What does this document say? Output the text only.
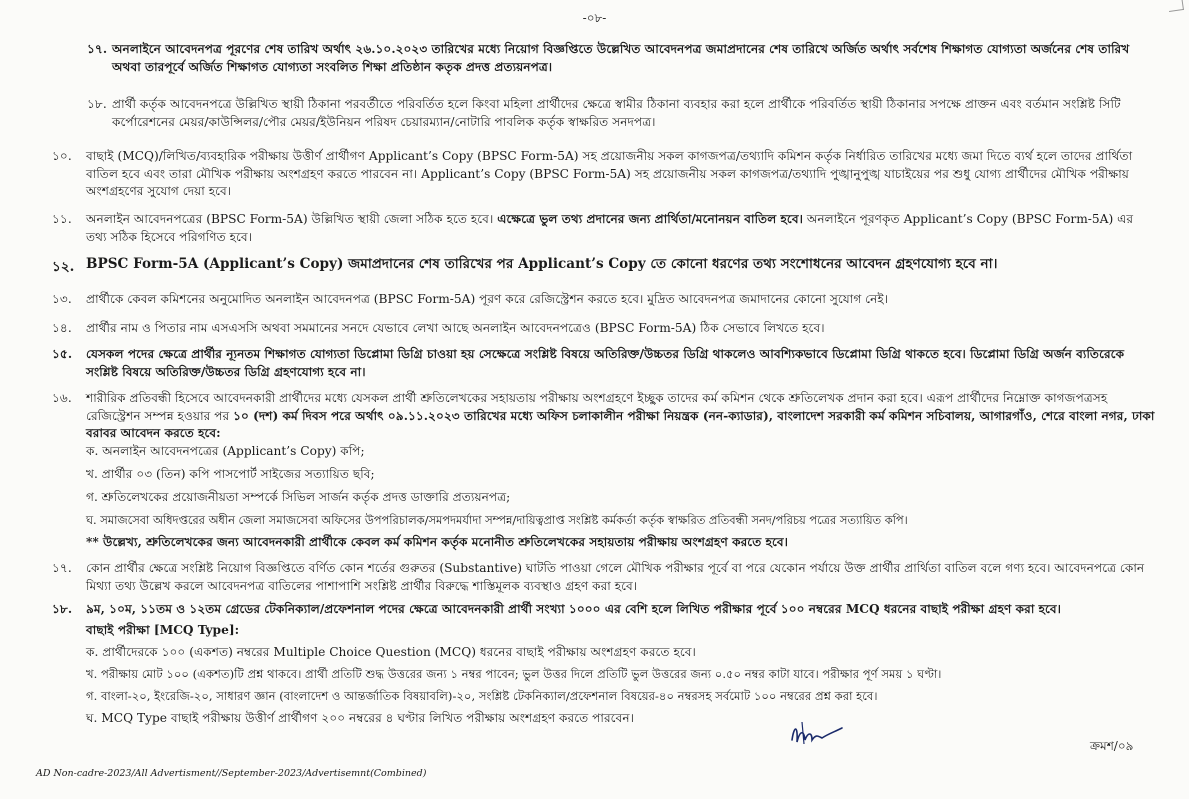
-০৮-
১৭. অনলাইনে আবেদনপত্র পূরণের শেষ তারিখ অর্থাৎ ২৬.১০.২০২৩ তারিখের মধ্যে নিয়োগ বিজ্ঞপ্তিতে উল্লেখিত আবেদনপত্র জমাপ্রদানের শেষ তারিখে অর্জিত অর্থাৎ সর্বশেষ শিক্ষাগত যোগ্যতা অর্জনের শেষ তারিখ অথবা তারপূর্বে অর্জিত শিক্ষাগত যোগ্যতা সংবলিত শিক্ষা প্রতিষ্ঠান কতৃক প্রদত্ত প্রত্যয়নপত্র।
১৮. প্রার্থী কর্তৃক আবেদনপত্রে উল্লিখিত স্থায়ী ঠিকানা পরবর্তীতে পরিবর্তিত হলে কিংবা মহিলা প্রার্থীদের ক্ষেত্রে স্বামীর ঠিকানা ব্যবহার করা হলে প্রার্থীকে পরিবর্তিত স্থায়ী ঠিকানার সপক্ষে প্রাক্তন এবং বর্তমান সংশ্লিষ্ট সিটি কর্পোরেশনের মেয়র/কাউন্সিলর/পৌর মেয়র/ইউনিয়ন পরিষদ চেয়ারম্যান/নোটারি পাবলিক কর্তৃক স্বাক্ষরিত সনদপত্র।
১০. বাছাই (MCQ)/লিখিত/ব্যবহারিক পরীক্ষায় উত্তীর্ণ প্রার্থীগণ Applicant’s Copy (BPSC Form-5A) সহ প্রয়োজনীয় সকল কাগজপত্র/তথ্যাদি কমিশন কর্তৃক নির্ধারিত তারিখের মধ্যে জমা দিতে ব্যর্থ হলে তাদের প্রার্থিতা বাতিল হবে এবং তারা মৌখিক পরীক্ষায় অংশগ্রহণ করতে পারবেন না। Applicant’s Copy (BPSC Form-5A) সহ প্রয়োজনীয় সকল কাগজপত্র/তথ্যাদি পুঙ্খানুপুঙ্খ যাচাইয়ের পর শুধু যোগ্য প্রার্থীদের মৌখিক পরীক্ষায় অংশগ্রহণের সুযোগ দেয়া হবে।
১১. অনলাইন আবেদনপত্রের (BPSC Form-5A) উল্লিখিত স্থায়ী জেলা সঠিক হতে হবে। এক্ষেত্রে ভুল তথ্য প্রদানের জন্য প্রার্থিতা/মনোনয়ন বাতিল হবে। অনলাইনে পূরণকৃত Applicant’s Copy (BPSC Form-5A) এর তথ্য সঠিক হিসেবে পরিগণিত হবে।
১২. BPSC Form-5A (Applicant’s Copy) জমাপ্রদানের শেষ তারিখের পর Applicant’s Copy তে কোনো ধরণের তথ্য সংশোধনের আবেদন গ্রহণযোগ্য হবে না।
১৩. প্রার্থীকে কেবল কমিশনের অনুমোদিত অনলাইন আবেদনপত্র (BPSC Form-5A) পূরণ করে রেজিস্ট্রেশন করতে হবে। মুদ্রিত আবেদনপত্র জমাদানের কোনো সুযোগ নেই।
১৪. প্রার্থীর নাম ও পিতার নাম এসএসসি অথবা সমমানের সনদে যেভাবে লেখা আছে অনলাইন আবেদনপত্রেও (BPSC Form-5A) ঠিক সেভাবে লিখতে হবে।
১৫. যেসকল পদের ক্ষেত্রে প্রার্থীর ন্যূনতম শিক্ষাগত যোগ্যতা ডিপ্লোমা ডিগ্রি চাওয়া হয় সেক্ষেত্রে সংশ্লিষ্ট বিষয়ে অতিরিক্ত/উচ্চতর ডিগ্রি থাকলেও আবশ্যিকভাবে ডিপ্লোমা ডিগ্রি থাকতে হবে। ডিপ্লোমা ডিগ্রি অর্জন ব্যতিরেকে সংশ্লিষ্ট বিষয়ে অতিরিক্ত/উচ্চতর ডিগ্রি গ্রহণযোগ্য হবে না।
১৬. শারীরিক প্রতিবন্ধী হিসেবে আবেদনকারী প্রার্থীদের মধ্যে যেসকল প্রার্থী শ্রুতিলেখকের সহায়তায় পরীক্ষায় অংশগ্রহণে ইচ্ছুক তাদের কর্ম কমিশন থেকে শ্রুতিলেখক প্রদান করা হবে। এরূপ প্রার্থীদের নিম্নোক্ত কাগজপত্রসহ রেজিস্ট্রেশন সম্পন্ন হওয়ার পর ১০ (দশ) কর্ম দিবস পরে অর্থাৎ ০৯.১১.২০২৩ তারিখের মধ্যে অফিস চলাকালীন পরীক্ষা নিয়ন্ত্রক (নন-ক্যাডার), বাংলাদেশ সরকারী কর্ম কমিশন সচিবালয়, আগারগাঁও, শেরে বাংলা নগর, ঢাকা বরাবর আবেদন করতে হবে:
ক. অনলাইন আবেদনপত্রের (Applicant’s Copy) কপি;
খ. প্রার্থীর ০৩ (তিন) কপি পাসপোর্ট সাইজের সত্যায়িত ছবি;
গ. শ্রুতিলেখকের প্রয়োজনীয়তা সম্পর্কে সিভিল সার্জন কর্তৃক প্রদত্ত ডাক্তারি প্রত্যয়নপত্র;
ঘ. সমাজসেবা অধিদপ্তরের অধীন জেলা সমাজসেবা অফিসের উপপরিচালক/সমপদমর্যাদা সম্পন্ন/দায়িত্বপ্রাপ্ত সংশ্লিষ্ট কর্মকর্তা কর্তৃক স্বাক্ষরিত প্রতিবন্ধী সনদ/পরিচয় পত্রের সত্যায়িত কপি।
** উল্লেখ্য, শ্রুতিলেখকের জন্য আবেদনকারী প্রার্থীকে কেবল কর্ম কমিশন কর্তৃক মনোনীত শ্রুতিলেখকের সহায়তায় পরীক্ষায় অংশগ্রহণ করতে হবে।
১৭. কোন প্রার্থীর ক্ষেত্রে সংশ্লিষ্ট নিয়োগ বিজ্ঞপ্তিতে বর্ণিত কোন শর্তের গুরুতর (Substantive) ঘাটতি পাওয়া গেলে মৌখিক পরীক্ষার পূর্বে বা পরে যেকোন পর্যায়ে উক্ত প্রার্থীর প্রার্থিতা বাতিল বলে গণ্য হবে। আবেদনপত্রে কোন মিথ্যা তথ্য উল্লেখ করলে আবেদনপত্র বাতিলের পাশাপাশি সংশ্লিষ্ট প্রার্থীর বিরুদ্ধে শাস্তিমূলক ব্যবস্থাও গ্রহণ করা হবে।
১৮. ৯ম, ১০ম, ১১তম ও ১২তম গ্রেডের টেকনিক্যাল/প্রফেশনাল পদের ক্ষেত্রে আবেদনকারী প্রার্থী সংখ্যা ১০০০ এর বেশি হলে লিখিত পরীক্ষার পূর্বে ১০০ নম্বরের MCQ ধরনের বাছাই পরীক্ষা গ্রহণ করা হবে।
বাছাই পরীক্ষা [MCQ Type]:
ক. প্রার্থীদেরকে ১০০ (একশত) নম্বরের Multiple Choice Question (MCQ) ধরনের বাছাই পরীক্ষায় অংশগ্রহণ করতে হবে।
খ. পরীক্ষায় মোট ১০০ (একশত)টি প্রশ্ন থাকবে। প্রার্থী প্রতিটি শুদ্ধ উত্তরের জন্য ১ নম্বর পাবেন; ভুল উত্তর দিলে প্রতিটি ভুল উত্তরের জন্য ০.৫০ নম্বর কাটা যাবে। পরীক্ষার পূর্ণ সময় ১ ঘণ্টা।
গ. বাংলা-২০, ইংরেজি-২০, সাধারণ জ্ঞান (বাংলাদেশ ও আন্তর্জাতিক বিষয়াবলি)-২০, সংশ্লিষ্ট টেকনিক্যাল/প্রফেশনাল বিষয়ের-৪০ নম্বরসহ সর্বমোট ১০০ নম্বরের প্রশ্ন করা হবে।
ঘ. MCQ Type বাছাই পরীক্ষায় উত্তীর্ণ প্রার্থীগণ ২০০ নম্বরের ৪ ঘণ্টার লিখিত পরীক্ষায় অংশগ্রহণ করতে পারবেন।
ক্রমশ/০৯
AD Non-cadre-2023/All Advertisment//September-2023/Advertisemnt(Combined)
